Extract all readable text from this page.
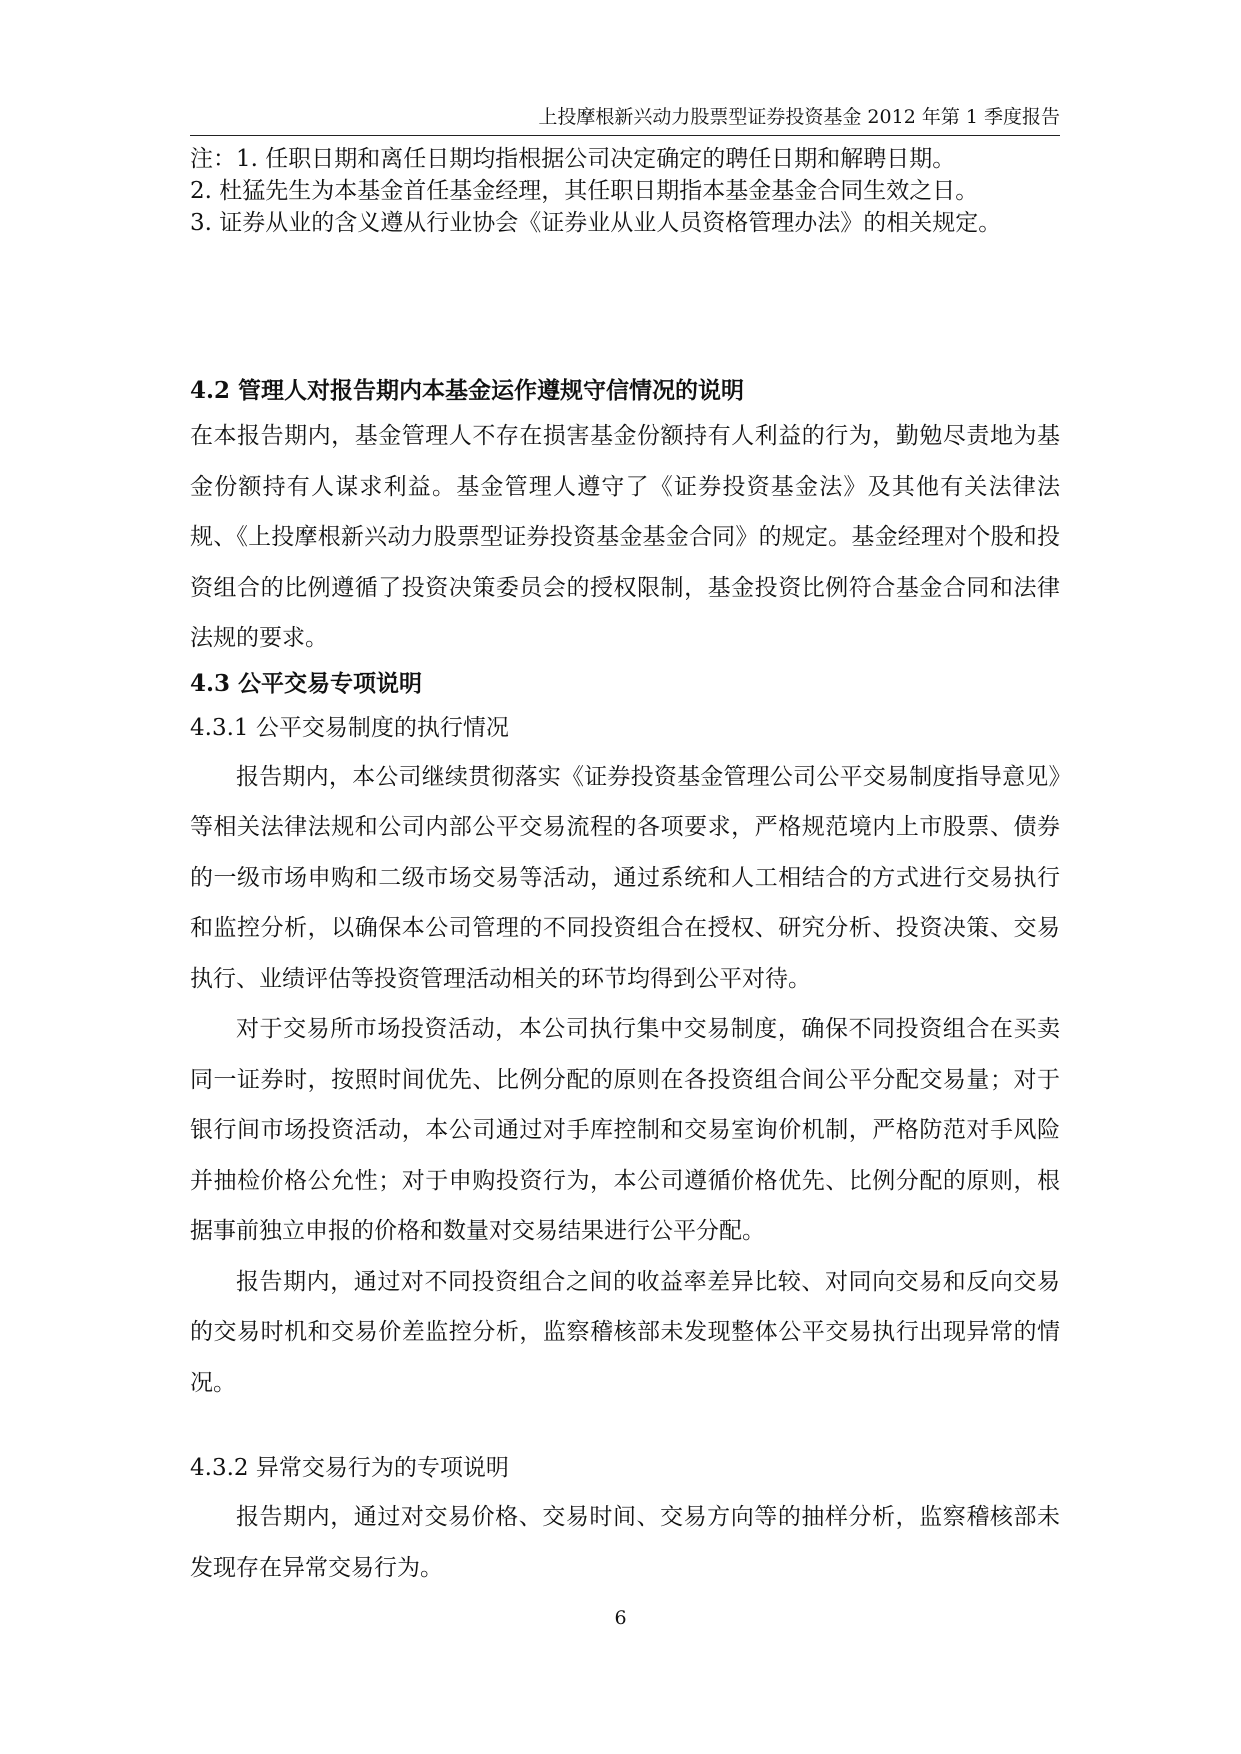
上投摩根新兴动力股票型证券投资基金 2012 年第 1 季度报告

注：1. 任职日期和离任日期均指根据公司决定确定的聘任日期和解聘日期。

2. 杜猛先生为本基金首任基金经理，其任职日期指本基金基金合同生效之日。

3. 证券从业的含义遵从行业协会《证券业从业人员资格管理办法》的相关规定。

4.2 管理人对报告期内本基金运作遵规守信情况的说明

在本报告期内，基金管理人不存在损害基金份额持有人利益的行为，勤勉尽责地为基金份额持有人谋求利益。基金管理人遵守了《证券投资基金法》及其他有关法律法规、《上投摩根新兴动力股票型证券投资基金基金合同》的规定。基金经理对个股和投资组合的比例遵循了投资决策委员会的授权限制，基金投资比例符合基金合同和法律法规的要求。

4.3 公平交易专项说明

4.3.1 公平交易制度的执行情况

报告期内，本公司继续贯彻落实《证券投资基金管理公司公平交易制度指导意见》等相关法律法规和公司内部公平交易流程的各项要求，严格规范境内上市股票、债券的一级市场申购和二级市场交易等活动，通过系统和人工相结合的方式进行交易执行和监控分析，以确保本公司管理的不同投资组合在授权、研究分析、投资决策、交易执行、业绩评估等投资管理活动相关的环节均得到公平对待。

对于交易所市场投资活动，本公司执行集中交易制度，确保不同投资组合在买卖同一证券时，按照时间优先、比例分配的原则在各投资组合间公平分配交易量；对于银行间市场投资活动，本公司通过对手库控制和交易室询价机制，严格防范对手风险并抽检价格公允性；对于申购投资行为，本公司遵循价格优先、比例分配的原则，根据事前独立申报的价格和数量对交易结果进行公平分配。

报告期内，通过对不同投资组合之间的收益率差异比较、对同向交易和反向交易的交易时机和交易价差监控分析，监察稽核部未发现整体公平交易执行出现异常的情况。

4.3.2 异常交易行为的专项说明

报告期内，通过对交易价格、交易时间、交易方向等的抽样分析，监察稽核部未发现存在异常交易行为。

6
